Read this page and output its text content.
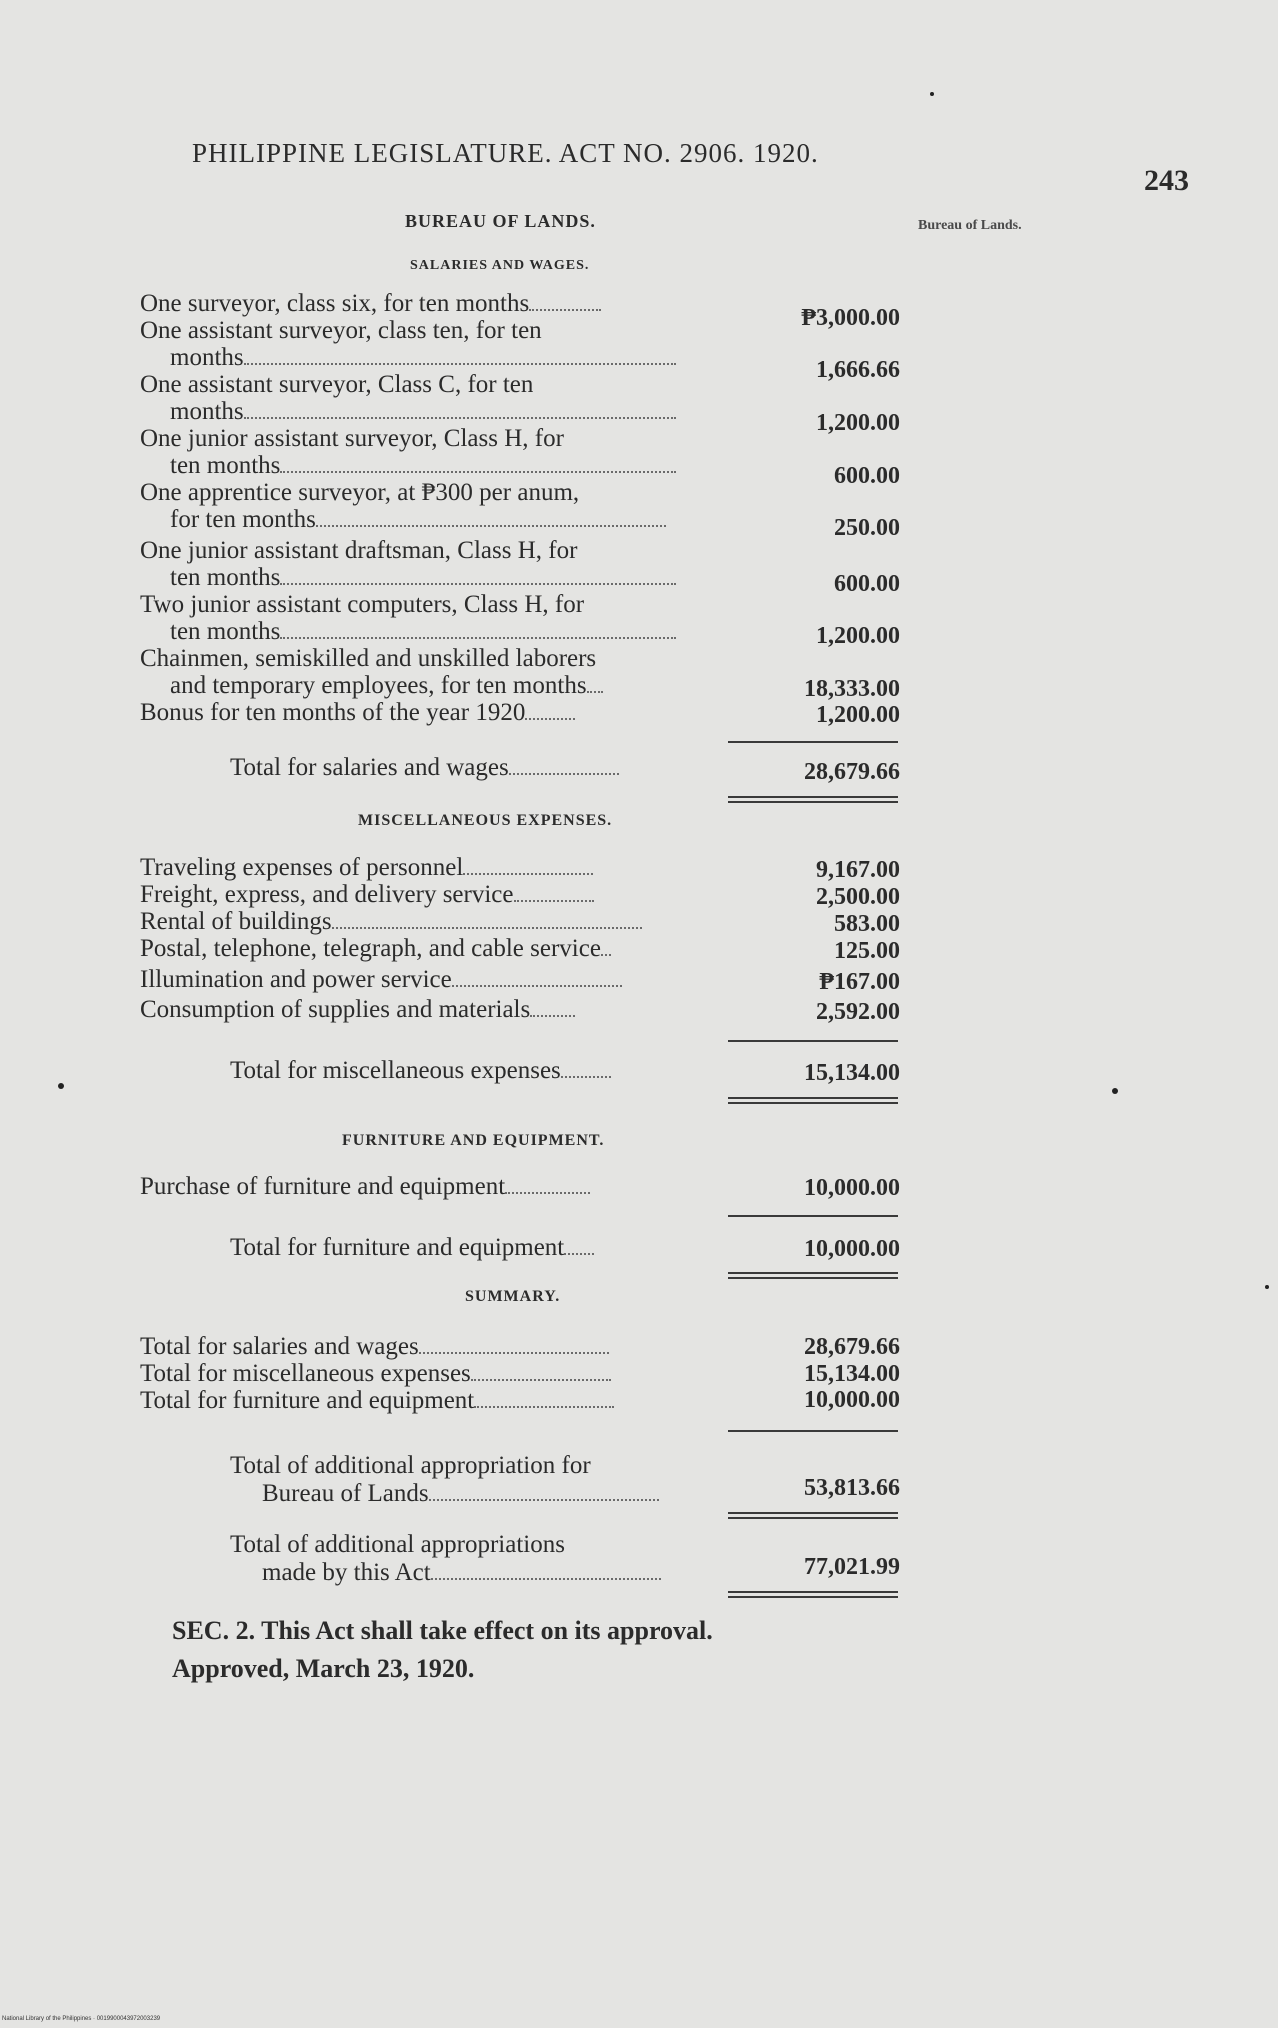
PHILIPPINE LEGISLATURE. ACT NO. 2906. 1920.
243
Bureau of Lands.
BUREAU OF LANDS.
SALARIES AND WAGES.
One surveyor, class six, for ten months
₱3,000.00
One assistant surveyor, class ten, for ten
months	1,666.66
One assistant surveyor, Class C, for ten
months	1,200.00
One junior assistant surveyor, Class H, for
ten months	600.00
One apprentice surveyor, at ₱300 per anum,
for ten months	250.00
One junior assistant draftsman, Class H, for
ten months	600.00
Two junior assistant computers, Class H, for
ten months	1,200.00
Chainmen, semiskilled and unskilled laborers
and temporary employees, for ten months	18,333.00
Bonus for ten months of the year 1920	1,200.00
Total for salaries and wages	28,679.66
MISCELLANEOUS EXPENSES.
Traveling expenses of personnel	9,167.00
Freight, express, and delivery service	2,500.00
Rental of buildings	583.00
Postal, telephone, telegraph, and cable service	125.00
Illumination and power service	₱167.00
Consumption of supplies and materials	2,592.00
Total for miscellaneous expenses	15,134.00
FURNITURE AND EQUIPMENT.
Purchase of furniture and equipment	10,000.00
Total for furniture and equipment	10,000.00
SUMMARY.
Total for salaries and wages	28,679.66
Total for miscellaneous expenses	15,134.00
Total for furniture and equipment	10,000.00
Total of additional appropriation for
Bureau of Lands	53,813.66
Total of additional appropriations
made by this Act	77,021.99
SEC. 2. This Act shall take effect on its approval.
Approved, March 23, 1920.
National Library of the Philippines · 0019900043972003239
